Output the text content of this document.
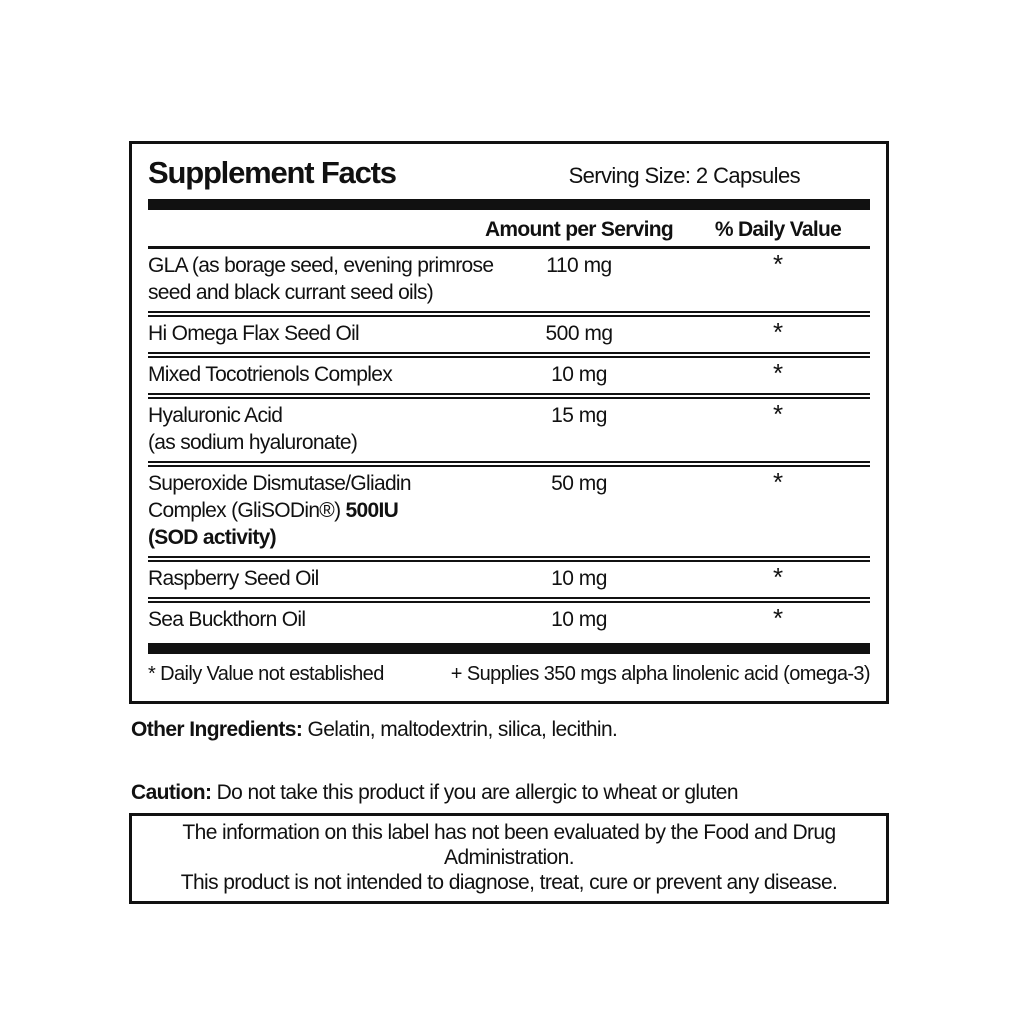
Supplement Facts	Serving Size: 2 Capsules
Amount per Serving	% Daily Value
GLA (as borage seed, evening primrose
seed and black currant seed oils)
110 mg	*
Hi Omega Flax Seed Oil	500 mg	*
Mixed Tocotrienols Complex	10 mg	*
Hyaluronic Acid
(as sodium hyaluronate)
15 mg	*
Superoxide Dismutase/Gliadin
Complex (GliSODin®) 500IU
(SOD activity)
50 mg	*
Raspberry Seed Oil	10 mg	*
Sea Buckthorn Oil	10 mg	*
* Daily Value not established	+ Supplies 350 mgs alpha linolenic acid (omega-3)
Other Ingredients: Gelatin, maltodextrin, silica, lecithin.
Caution: Do not take this product if you are allergic to wheat or gluten
The information on this label has not been evaluated by the Food and Drug Administration.
This product is not intended to diagnose, treat, cure or prevent any disease.
